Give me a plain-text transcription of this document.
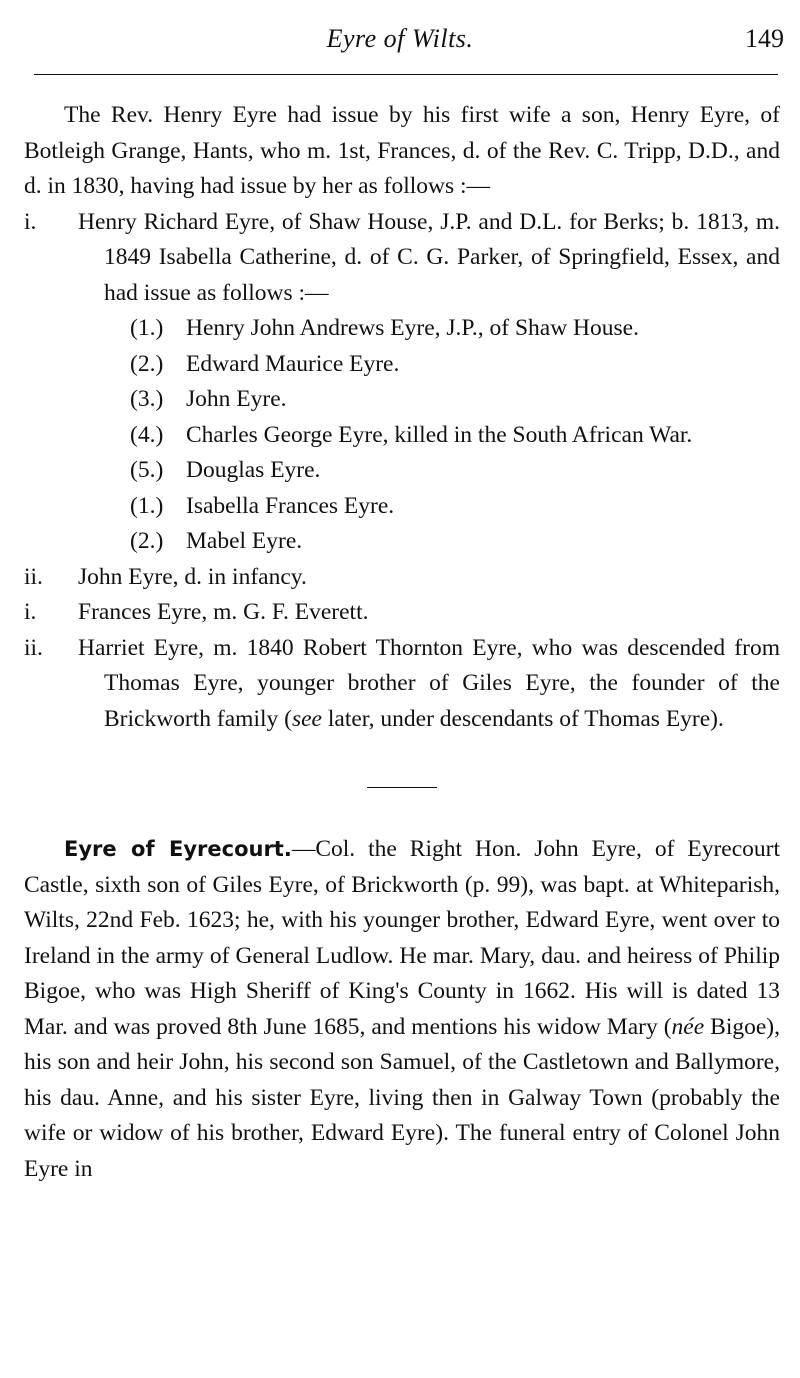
Eyre of Wilts.	149

The Rev. Henry Eyre had issue by his first wife a son, Henry Eyre, of Botleigh Grange, Hants, who m. 1st, Frances, d. of the Rev. C. Tripp, D.D., and d. in 1830, having had issue by her as follows :—

i.	Henry Richard Eyre, of Shaw House, J.P. and D.L. for Berks; b. 1813, m. 1849 Isabella Catherine, d. of C. G. Parker, of Springfield, Essex, and had issue as follows :—
(1.) Henry John Andrews Eyre, J.P., of Shaw House.
(2.) Edward Maurice Eyre.
(3.) John Eyre.
(4.) Charles George Eyre, killed in the South African War.
(5.) Douglas Eyre.
(1.) Isabella Frances Eyre.
(2.) Mabel Eyre.
ii.	John Eyre, d. in infancy.
i.	Frances Eyre, m. G. F. Everett.
ii.	Harriet Eyre, m. 1840 Robert Thornton Eyre, who was descended from Thomas Eyre, younger brother of Giles Eyre, the founder of the Brickworth family (see later, under descendants of Thomas Eyre).

Eyre of Eyrecourt.—Col. the Right Hon. John Eyre, of Eyrecourt Castle, sixth son of Giles Eyre, of Brickworth (p. 99), was bapt. at Whiteparish, Wilts, 22nd Feb. 1623; he, with his younger brother, Edward Eyre, went over to Ireland in the army of General Ludlow. He mar. Mary, dau. and heiress of Philip Bigoe, who was High Sheriff of King's County in 1662. His will is dated 13 Mar. and was proved 8th June 1685, and mentions his widow Mary (née Bigoe), his son and heir John, his second son Samuel, of the Castletown and Ballymore, his dau. Anne, and his sister Eyre, living then in Galway Town (probably the wife or widow of his brother, Edward Eyre). The funeral entry of Colonel John Eyre in
